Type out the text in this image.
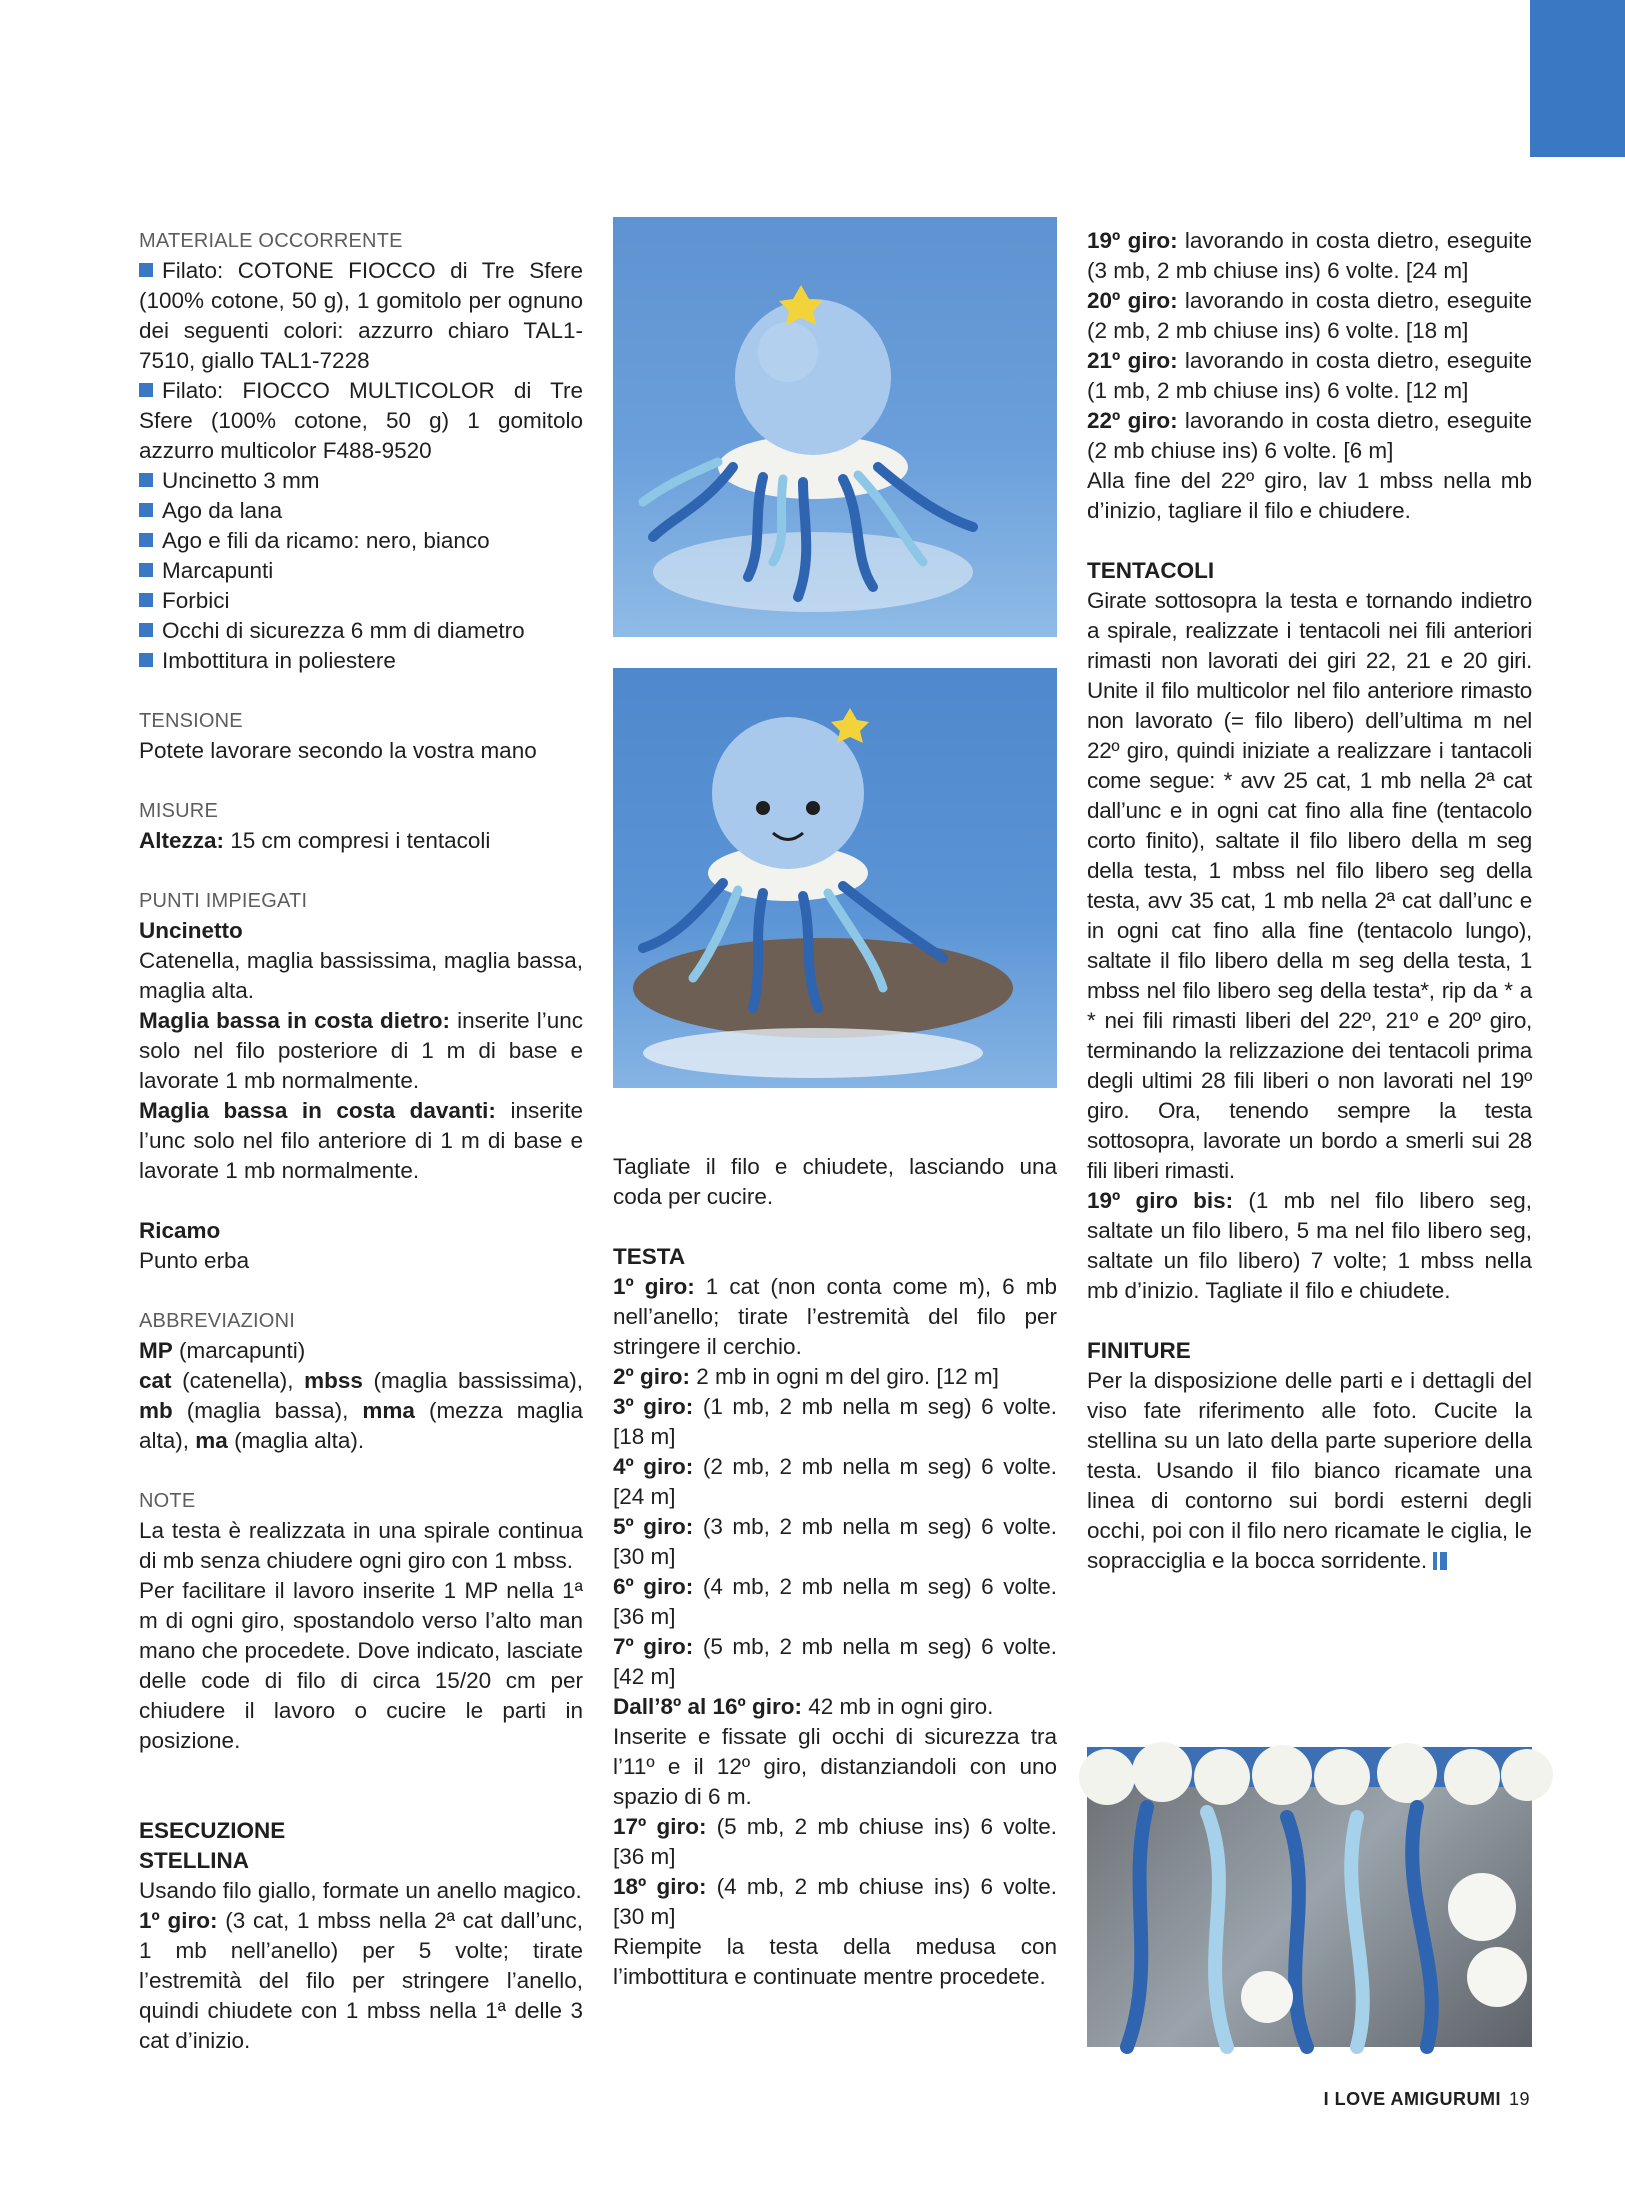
MATERIALE OCCORRENTE

Filato: COTONE FIOCCO di Tre Sfere (100% cotone, 50 g), 1 gomitolo per ognuno dei seguenti colori: azzurro chiaro TAL1-7510, giallo TAL1-7228

Filato: FIOCCO MULTICOLOR di Tre Sfere (100% cotone, 50 g) 1 gomitolo azzurro multicolor F488-9520

Uncinetto 3 mm

Ago da lana

Ago e fili da ricamo: nero, bianco

Marcapunti

Forbici

Occhi di sicurezza 6 mm di diametro

Imbottitura in poliestere

TENSIONE

Potete lavorare secondo la vostra mano

MISURE

Altezza: 15 cm compresi i tentacoli

PUNTI IMPIEGATI

Uncinetto

Catenella, maglia bassissima, maglia bassa, maglia alta.

Maglia bassa in costa dietro: inserite l’unc solo nel filo posteriore di 1 m di base e lavorate 1 mb normalmente.

Maglia bassa in costa davanti: inserite l’unc solo nel filo anteriore di 1 m di base e lavorate 1 mb normalmente.

Ricamo

Punto erba

ABBREVIAZIONI

MP (marcapunti)

cat (catenella), mbss (maglia bassissima), mb (maglia bassa), mma (mezza maglia alta), ma (maglia alta).

NOTE

La testa è realizzata in una spirale continua di mb senza chiudere ogni giro con 1 mbss.

Per facilitare il lavoro inserite 1 MP nella 1ª m di ogni giro, spostandolo verso l’alto man mano che procedete. Dove indicato, lasciate delle code di filo di circa 15/20 cm per chiudere il lavoro o cucire le parti in posizione.

ESECUZIONE

STELLINA

Usando filo giallo, formate un anello magico.

1º giro: (3 cat, 1 mbss nella 2ª cat dall’unc, 1 mb nell’anello) per 5 volte; tirate l’estremità del filo per stringere l’anello, quindi chiudete con 1 mbss nella 1ª delle 3 cat d’inizio.

Tagliate il filo e chiudete, lasciando una coda per cucire.

TESTA

1º giro: 1 cat (non conta come m), 6 mb nell’anello; tirate l’estremità del filo per stringere il cerchio.

2º giro: 2 mb in ogni m del giro. [12 m]

3º giro: (1 mb, 2 mb nella m seg) 6 volte. [18 m]

4º giro: (2 mb, 2 mb nella m seg) 6 volte. [24 m]

5º giro: (3 mb, 2 mb nella m seg) 6 volte. [30 m]

6º giro: (4 mb, 2 mb nella m seg) 6 volte. [36 m]

7º giro: (5 mb, 2 mb nella m seg) 6 volte. [42 m]

Dall’8º al 16º giro: 42 mb in ogni giro.

Inserite e fissate gli occhi di sicurezza tra l’11º e il 12º giro, distanziandoli con uno spazio di 6 m.

17º giro: (5 mb, 2 mb chiuse ins) 6 volte. [36 m]

18º giro: (4 mb, 2 mb chiuse ins) 6 volte. [30 m]

Riempite la testa della medusa con l’imbottitura e continuate mentre procedete.

19º giro: lavorando in costa dietro, eseguite (3 mb, 2 mb chiuse ins) 6 volte. [24 m]

20º giro: lavorando in costa dietro, eseguite (2 mb, 2 mb chiuse ins) 6 volte. [18 m]

21º giro: lavorando in costa dietro, eseguite (1 mb, 2 mb chiuse ins) 6 volte. [12 m]

22º giro: lavorando in costa dietro, eseguite (2 mb chiuse ins) 6 volte. [6 m]

Alla fine del 22º giro, lav 1 mbss nella mb d’inizio, tagliare il filo e chiudere.

TENTACOLI

Girate sottosopra la testa e tornando indietro a spirale, realizzate i tentacoli nei fili anteriori rimasti non lavorati dei giri 22, 21 e 20 giri. Unite il filo multicolor nel filo anteriore rimasto non lavorato (= filo libero) dell’ultima m nel 22º giro, quindi iniziate a realizzare i tantacoli come segue: * avv 25 cat, 1 mb nella 2ª cat dall’unc e in ogni cat fino alla fine (tentacolo corto finito), saltate il filo libero della m seg della testa, 1 mbss nel filo libero seg della testa, avv 35 cat, 1 mb nella 2ª cat dall’unc e in ogni cat fino alla fine (tentacolo lungo), saltate il filo libero della m seg della testa, 1 mbss nel filo libero seg della testa*, rip da * a * nei fili rimasti liberi del 22º, 21º e 20º giro, terminando la relizzazione dei tentacoli prima degli ultimi 28 fili liberi o non lavorati nel 19º giro. Ora, tenendo sempre la testa sottosopra, lavorate un bordo a smerli sui 28 fili liberi rimasti.

19º giro bis: (1 mb nel filo libero seg, saltate un filo libero, 5 ma nel filo libero seg, saltate un filo libero) 7 volte; 1 mbss nella mb d’inizio. Tagliate il filo e chiudete.

FINITURE

Per la disposizione delle parti e i dettagli del viso fate riferimento alle foto. Cucite la stellina su un lato della parte superiore della testa. Usando il filo bianco ricamate una linea di contorno sui bordi esterni degli occhi, poi con il filo nero ricamate le ciglia, le sopracciglia e la bocca sorridente.

I LOVE AMIGURUMI 19
